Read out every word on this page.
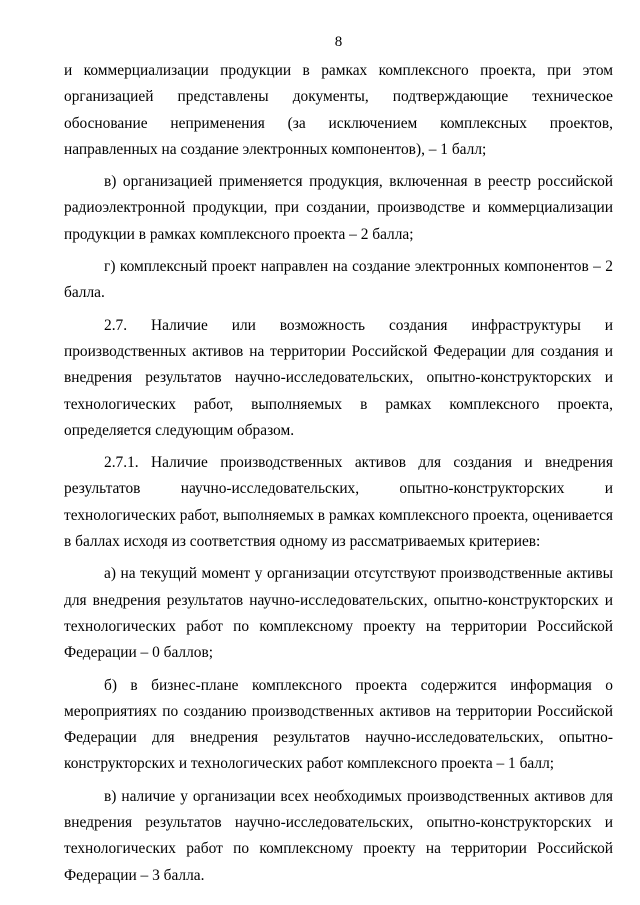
8

и коммерциализации продукции в рамках комплексного проекта, при этом организацией представлены документы, подтверждающие техническое обоснование неприменения (за исключением комплексных проектов, направленных на создание электронных компонентов), – 1 балл;

в) организацией применяется продукция, включенная в реестр российской радиоэлектронной продукции, при создании, производстве и коммерциализации продукции в рамках комплексного проекта – 2 балла;

г) комплексный проект направлен на создание электронных компонентов – 2 балла.

2.7. Наличие или возможность создания инфраструктуры и производственных активов на территории Российской Федерации для создания и внедрения результатов научно-исследовательских, опытно-конструкторских и технологических работ, выполняемых в рамках комплексного проекта, определяется следующим образом.

2.7.1. Наличие производственных активов для создания и внедрения результатов научно-исследовательских, опытно-конструкторских и технологических работ, выполняемых в рамках комплексного проекта, оценивается в баллах исходя из соответствия одному из рассматриваемых критериев:

а) на текущий момент у организации отсутствуют производственные активы для внедрения результатов научно-исследовательских, опытно-конструкторских и технологических работ по комплексному проекту на территории Российской Федерации – 0 баллов;

б) в бизнес-плане комплексного проекта содержится информация о мероприятиях по созданию производственных активов на территории Российской Федерации для внедрения результатов научно-исследовательских, опытно-конструкторских и технологических работ комплексного проекта – 1 балл;

в) наличие у организации всех необходимых производственных активов для внедрения результатов научно-исследовательских, опытно-конструкторских и технологических работ по комплексному проекту на территории Российской Федерации – 3 балла.
